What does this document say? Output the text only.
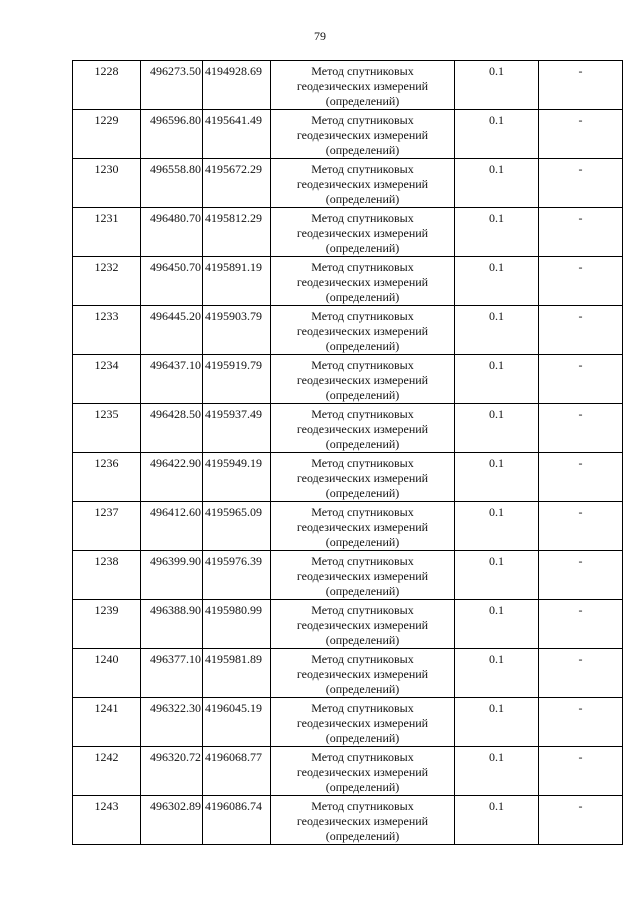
79
1228	496273.50	4194928.69	Метод спутниковых геодезических измерений (определений)	0.1	-
1229	496596.80	4195641.49	Метод спутниковых геодезических измерений (определений)	0.1	-
1230	496558.80	4195672.29	Метод спутниковых геодезических измерений (определений)	0.1	-
1231	496480.70	4195812.29	Метод спутниковых геодезических измерений (определений)	0.1	-
1232	496450.70	4195891.19	Метод спутниковых геодезических измерений (определений)	0.1	-
1233	496445.20	4195903.79	Метод спутниковых геодезических измерений (определений)	0.1	-
1234	496437.10	4195919.79	Метод спутниковых геодезических измерений (определений)	0.1	-
1235	496428.50	4195937.49	Метод спутниковых геодезических измерений (определений)	0.1	-
1236	496422.90	4195949.19	Метод спутниковых геодезических измерений (определений)	0.1	-
1237	496412.60	4195965.09	Метод спутниковых геодезических измерений (определений)	0.1	-
1238	496399.90	4195976.39	Метод спутниковых геодезических измерений (определений)	0.1	-
1239	496388.90	4195980.99	Метод спутниковых геодезических измерений (определений)	0.1	-
1240	496377.10	4195981.89	Метод спутниковых геодезических измерений (определений)	0.1	-
1241	496322.30	4196045.19	Метод спутниковых геодезических измерений (определений)	0.1	-
1242	496320.72	4196068.77	Метод спутниковых геодезических измерений (определений)	0.1	-
1243	496302.89	4196086.74	Метод спутниковых геодезических измерений (определений)	0.1	-
